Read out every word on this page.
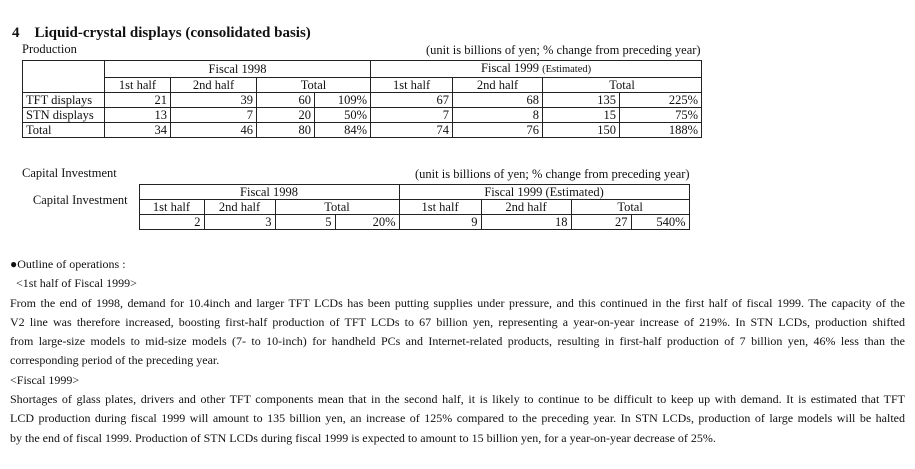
4　Liquid-crystal displays (consolidated basis)
Production	(unit is billions of yen; % change from preceding year)
	Fiscal 1998				Fiscal 1999 (Estimated)			
	1st half	2nd half	Total		1st half	2nd half	Total	
TFT displays	21	39	60	109%	67	68	135	225%
STN displays	13	7	20	50%	7	8	15	75%
Total	34	46	80	84%	74	76	150	188%
Capital Investment	(unit is billions of yen; % change from preceding year)
Capital Investment	Fiscal 1998				Fiscal 1999 (Estimated)			
	1st half	2nd half	Total		1st half	2nd half	Total	
	2	3	5	20%	9	18	27	540%
●Outline of operations :
<1st half of Fiscal 1999>
From the end of 1998, demand for 10.4inch and larger TFT LCDs has been putting supplies under pressure, and this continued in the first half of fiscal 1999. The capacity of the
V2 line was therefore increased, boosting first-half production of TFT LCDs to 67 billion yen, representing a year-on-year increase of 219%. In STN LCDs, production shifted
from large-size models to mid-size models (7- to 10-inch) for handheld PCs and Internet-related products, resulting in first-half production of 7 billion yen, 46% less than the
corresponding period of the preceding year.
<Fiscal 1999>
Shortages of glass plates, drivers and other TFT components mean that in the second half, it is likely to continue to be difficult to keep up with demand. It is estimated that TFT
LCD production during fiscal 1999 will amount to 135 billion yen, an increase of 125% compared to the preceding year. In STN LCDs, production of large models will be halted
by the end of fiscal 1999. Production of STN LCDs during fiscal 1999 is expected to amount to 15 billion yen, for a year-on-year decrease of 25%.
